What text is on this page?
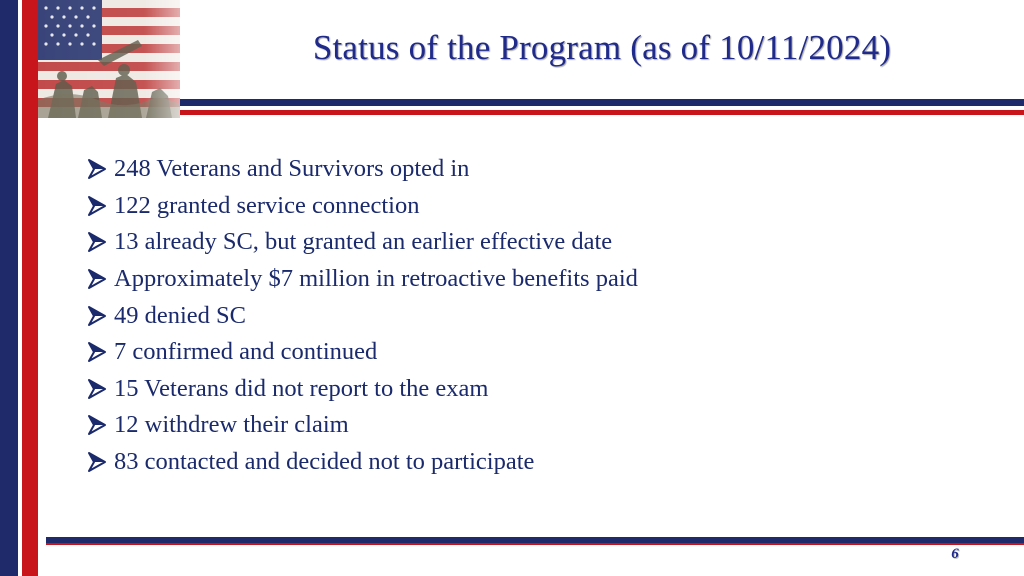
Status of the Program (as of 10/11/2024)
248 Veterans and Survivors opted in
122 granted service connection
13 already SC, but granted an earlier effective date
Approximately $7 million in retroactive benefits paid
49 denied SC
7 confirmed and continued
15 Veterans did not report to the exam
12 withdrew their claim
83 contacted and decided not to participate
6
